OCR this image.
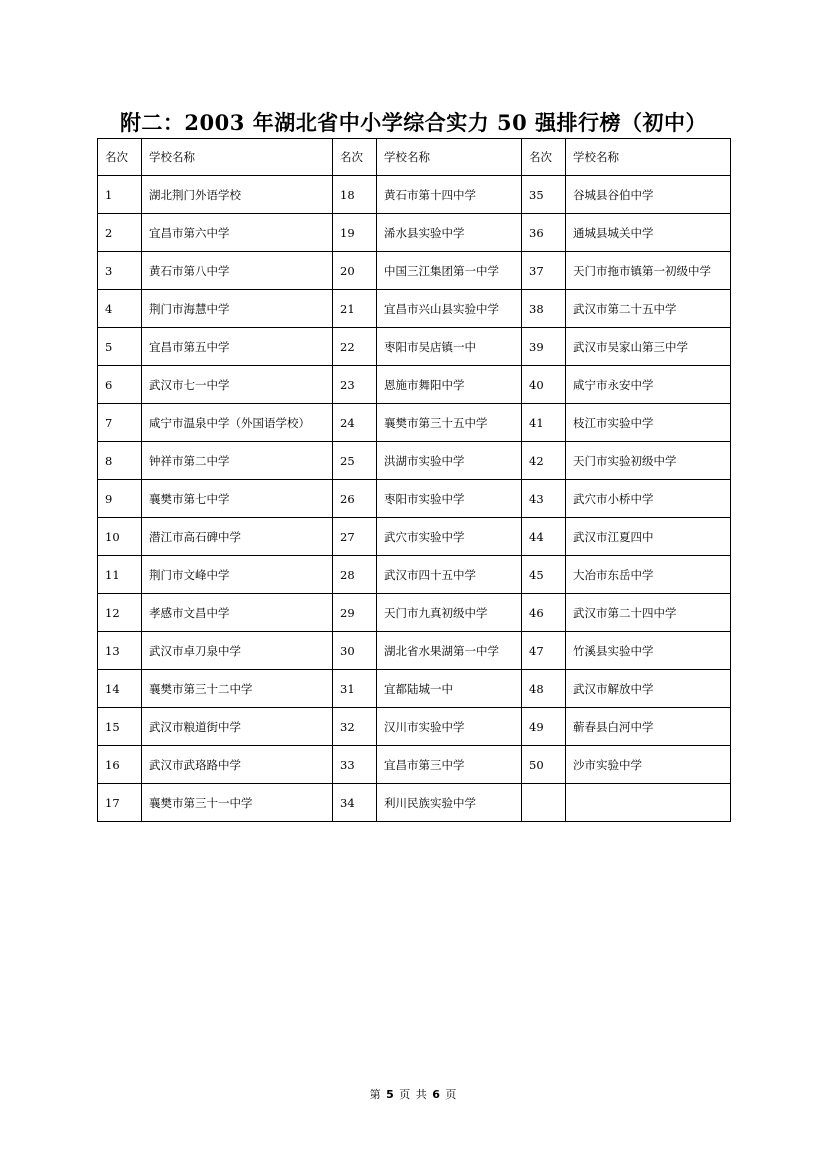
附二：2003 年湖北省中小学综合实力 50 强排行榜（初中）
名次	学校名称	名次	学校名称	名次	学校名称
1	湖北荆门外语学校	18	黄石市第十四中学	35	谷城县谷伯中学
2	宜昌市第六中学	19	浠水县实验中学	36	通城县城关中学
3	黄石市第八中学	20	中国三江集团第一中学	37	天门市拖市镇第一初级中学
4	荆门市海慧中学	21	宜昌市兴山县实验中学	38	武汉市第二十五中学
5	宜昌市第五中学	22	枣阳市吴店镇一中	39	武汉市吴家山第三中学
6	武汉市七一中学	23	恩施市舞阳中学	40	咸宁市永安中学
7	咸宁市温泉中学（外国语学校）	24	襄樊市第三十五中学	41	枝江市实验中学
8	钟祥市第二中学	25	洪湖市实验中学	42	天门市实验初级中学
9	襄樊市第七中学	26	枣阳市实验中学	43	武穴市小桥中学
10	潜江市高石碑中学	27	武穴市实验中学	44	武汉市江夏四中
11	荆门市文峰中学	28	武汉市四十五中学	45	大冶市东岳中学
12	孝感市文昌中学	29	天门市九真初级中学	46	武汉市第二十四中学
13	武汉市卓刀泉中学	30	湖北省水果湖第一中学	47	竹溪县实验中学
14	襄樊市第三十二中学	31	宜都陆城一中	48	武汉市解放中学
15	武汉市粮道街中学	32	汉川市实验中学	49	蕲春县白河中学
16	武汉市武珞路中学	33	宜昌市第三中学	50	沙市实验中学
17	襄樊市第三十一中学	34	利川民族实验中学		
第 5 页 共 6 页
